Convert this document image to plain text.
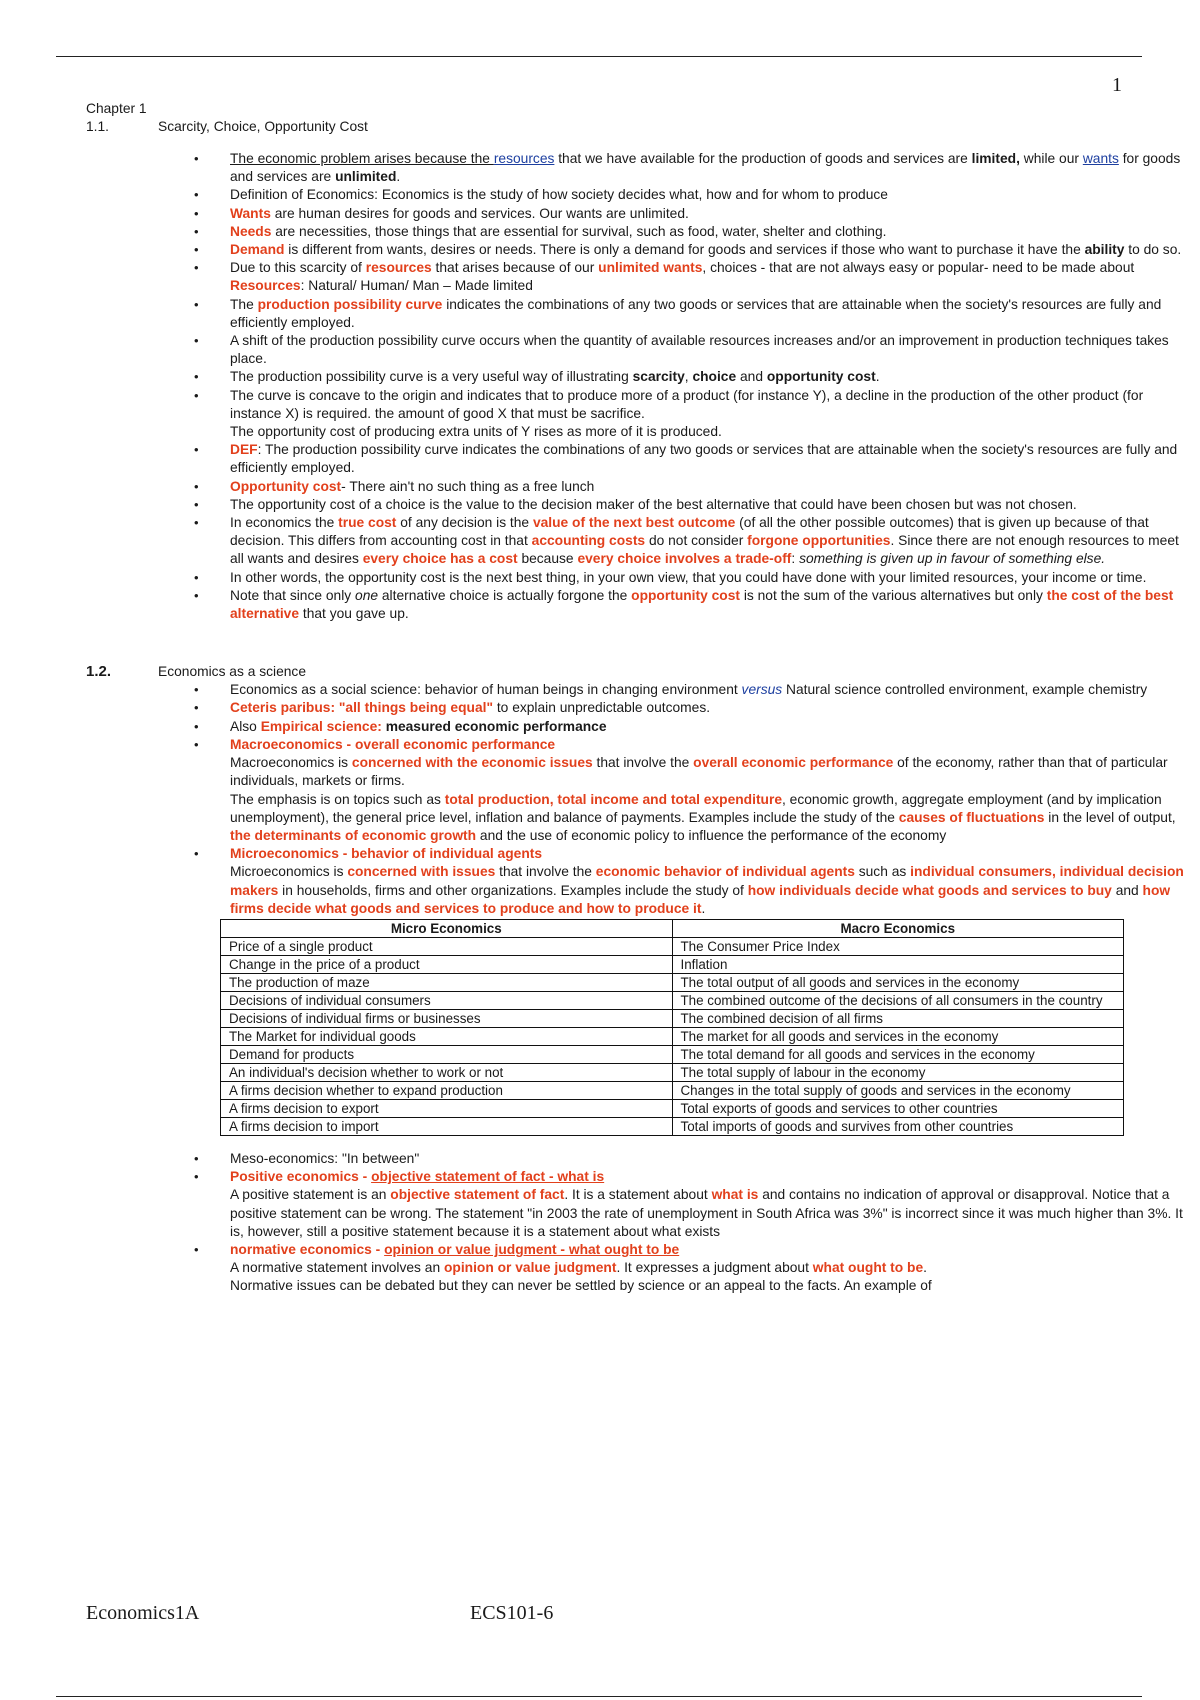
1
Chapter 1
1.1.	Scarcity, Choice, Opportunity Cost
• The economic problem arises because the resources that we have available for the production of goods and services are limited, while our wants for goods and services are unlimited.
• Definition of Economics: Economics is the study of how society decides what, how and for whom to produce
• Wants are human desires for goods and services. Our wants are unlimited.
• Needs are necessities, those things that are essential for survival, such as food, water, shelter and clothing.
• Demand is different from wants, desires or needs. There is only a demand for goods and services if those who want to purchase it have the ability to do so.
• Due to this scarcity of resources that arises because of our unlimited wants, choices - that are not always easy or popular- need to be made about
Resources: Natural/ Human/ Man – Made limited
• The production possibility curve indicates the combinations of any two goods or services that are attainable when the society's resources are fully and efficiently employed.
• A shift of the production possibility curve occurs when the quantity of available resources increases and/or an improvement in production techniques takes place.
• The production possibility curve is a very useful way of illustrating scarcity, choice and opportunity cost.
• The curve is concave to the origin and indicates that to produce more of a product (for instance Y), a decline in the production of the other product (for instance X) is required. the amount of good X that must be sacrifice.
The opportunity cost of producing extra units of Y rises as more of it is produced.
• DEF: The production possibility curve indicates the combinations of any two goods or services that are attainable when the society's resources are fully and efficiently employed.
• Opportunity cost- There ain't no such thing as a free lunch
• The opportunity cost of a choice is the value to the decision maker of the best alternative that could have been chosen but was not chosen.
• In economics the true cost of any decision is the value of the next best outcome (of all the other possible outcomes) that is given up because of that decision. This differs from accounting cost in that accounting costs do not consider forgone opportunities. Since there are not enough resources to meet all wants and desires every choice has a cost because every choice involves a trade-off: something is given up in favour of something else.
• In other words, the opportunity cost is the next best thing, in your own view, that you could have done with your limited resources, your income or time.
• Note that since only one alternative choice is actually forgone the opportunity cost is not the sum of the various alternatives but only the cost of the best alternative that you gave up.
1.2.	Economics as a science
• Economics as a social science: behavior of human beings in changing environment versus Natural science controlled environment, example chemistry
• Ceteris paribus: "all things being equal" to explain unpredictable outcomes.
• Also Empirical science: measured economic performance
• Macroeconomics - overall economic performance
Macroeconomics is concerned with the economic issues that involve the overall economic performance of the economy, rather than that of particular individuals, markets or firms.
The emphasis is on topics such as total production, total income and total expenditure, economic growth, aggregate employment (and by implication unemployment), the general price level, inflation and balance of payments. Examples include the study of the causes of fluctuations in the level of output, the determinants of economic growth and the use of economic policy to influence the performance of the economy
• Microeconomics - behavior of individual agents
Microeconomics is concerned with issues that involve the economic behavior of individual agents such as individual consumers, individual decision makers in households, firms and other organizations. Examples include the study of how individuals decide what goods and services to buy and how firms decide what goods and services to produce and how to produce it.
Micro Economics	Macro Economics
Price of a single product	The Consumer Price Index
Change in the price of a product	Inflation
The production of maze	The total output of all goods and services in the economy
Decisions of individual consumers	The combined outcome of the decisions of all consumers in the country
Decisions of individual firms or businesses	The combined decision of all firms
The Market for individual goods	The market for all goods and services in the economy
Demand for products	The total demand for all goods and services in the economy
An individual's decision whether to work or not	The total supply of labour in the economy
A firms decision whether to expand production	Changes in the total supply of goods and services in the economy
A firms decision to export	Total exports of goods and services to other countries
A firms decision to import	Total imports of goods and survives from other countries
• Meso-economics: "In between"
• Positive economics - objective statement of fact - what is
A positive statement is an objective statement of fact. It is a statement about what is and contains no indication of approval or disapproval. Notice that a positive statement can be wrong. The statement "in 2003 the rate of unemployment in South Africa was 3%" is incorrect since it was much higher than 3%. It is, however, still a positive statement because it is a statement about what exists
• normative economics - opinion or value judgment - what ought to be
A normative statement involves an opinion or value judgment. It expresses a judgment about what ought to be.
Normative issues can be debated but they can never be settled by science or an appeal to the facts. An example of
Economics1A	ECS101-6
